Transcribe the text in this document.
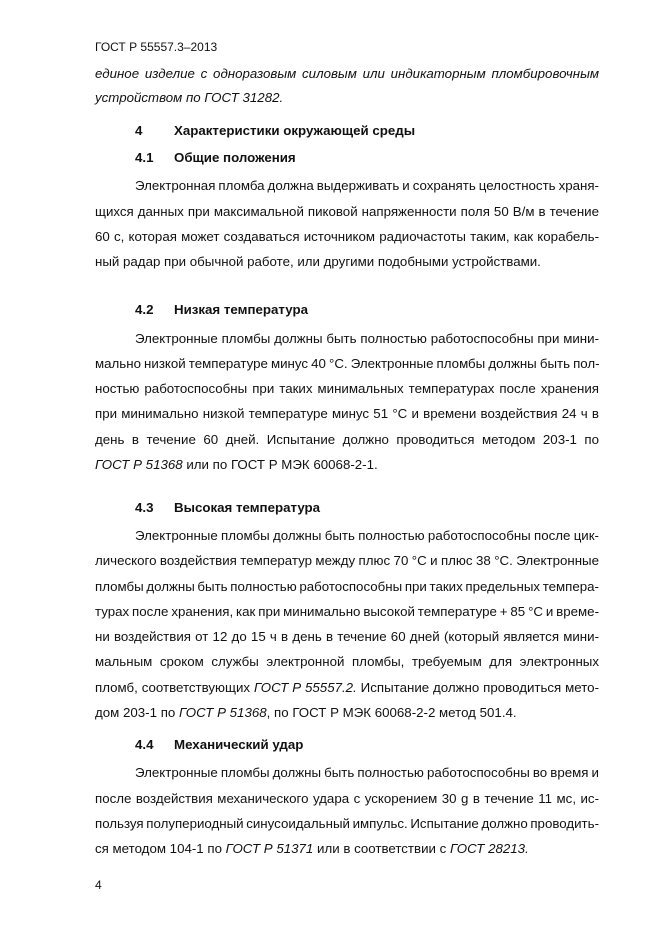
ГОСТ Р 55557.3–2013
единое изделие с одноразовым силовым или индикаторным пломбировочным
устройством по ГОСТ 31282.
4 Характеристики окружающей среды
4.1 Общие положения
Электронная пломба должна выдерживать и сохранять целостность храня-
щихся данных при максимальной пиковой напряженности поля 50 В/м в течение
60 с, которая может создаваться источником радиочастоты таким, как корабель-
ный радар при обычной работе, или другими подобными устройствами.
4.2 Низкая температура
Электронные пломбы должны быть полностью работоспособны при мини-
мально низкой температуре минус 40 °С. Электронные пломбы должны быть пол-
ностью работоспособны при таких минимальных температурах после хранения
при минимально низкой температуре минус 51 °С и времени воздействия 24 ч в
день в течение 60 дней. Испытание должно проводиться методом 203-1 по
ГОСТ Р 51368 или по ГОСТ Р МЭК 60068-2-1.
4.3 Высокая температура
Электронные пломбы должны быть полностью работоспособны после цик-
лического воздействия температур между плюс 70 °С и плюс 38 °С. Электронные
пломбы должны быть полностью работоспособны при таких предельных темпера-
турах после хранения, как при минимально высокой температуре + 85 °С и време-
ни воздействия от 12 до 15 ч в день в течение 60 дней (который является мини-
мальным сроком службы электронной пломбы, требуемым для электронных
пломб, соответствующих ГОСТ Р 55557.2. Испытание должно проводиться мето-
дом 203-1 по ГОСТ Р 51368, по ГОСТ Р МЭК 60068-2-2 метод 501.4.
4.4 Механический удар
Электронные пломбы должны быть полностью работоспособны во время и
после воздействия механического удара с ускорением 30 g в течение 11 мс, ис-
пользуя полупериодный синусоидальный импульс. Испытание должно проводить-
ся методом 104-1 по ГОСТ Р 51371 или в соответствии с ГОСТ 28213.
4
